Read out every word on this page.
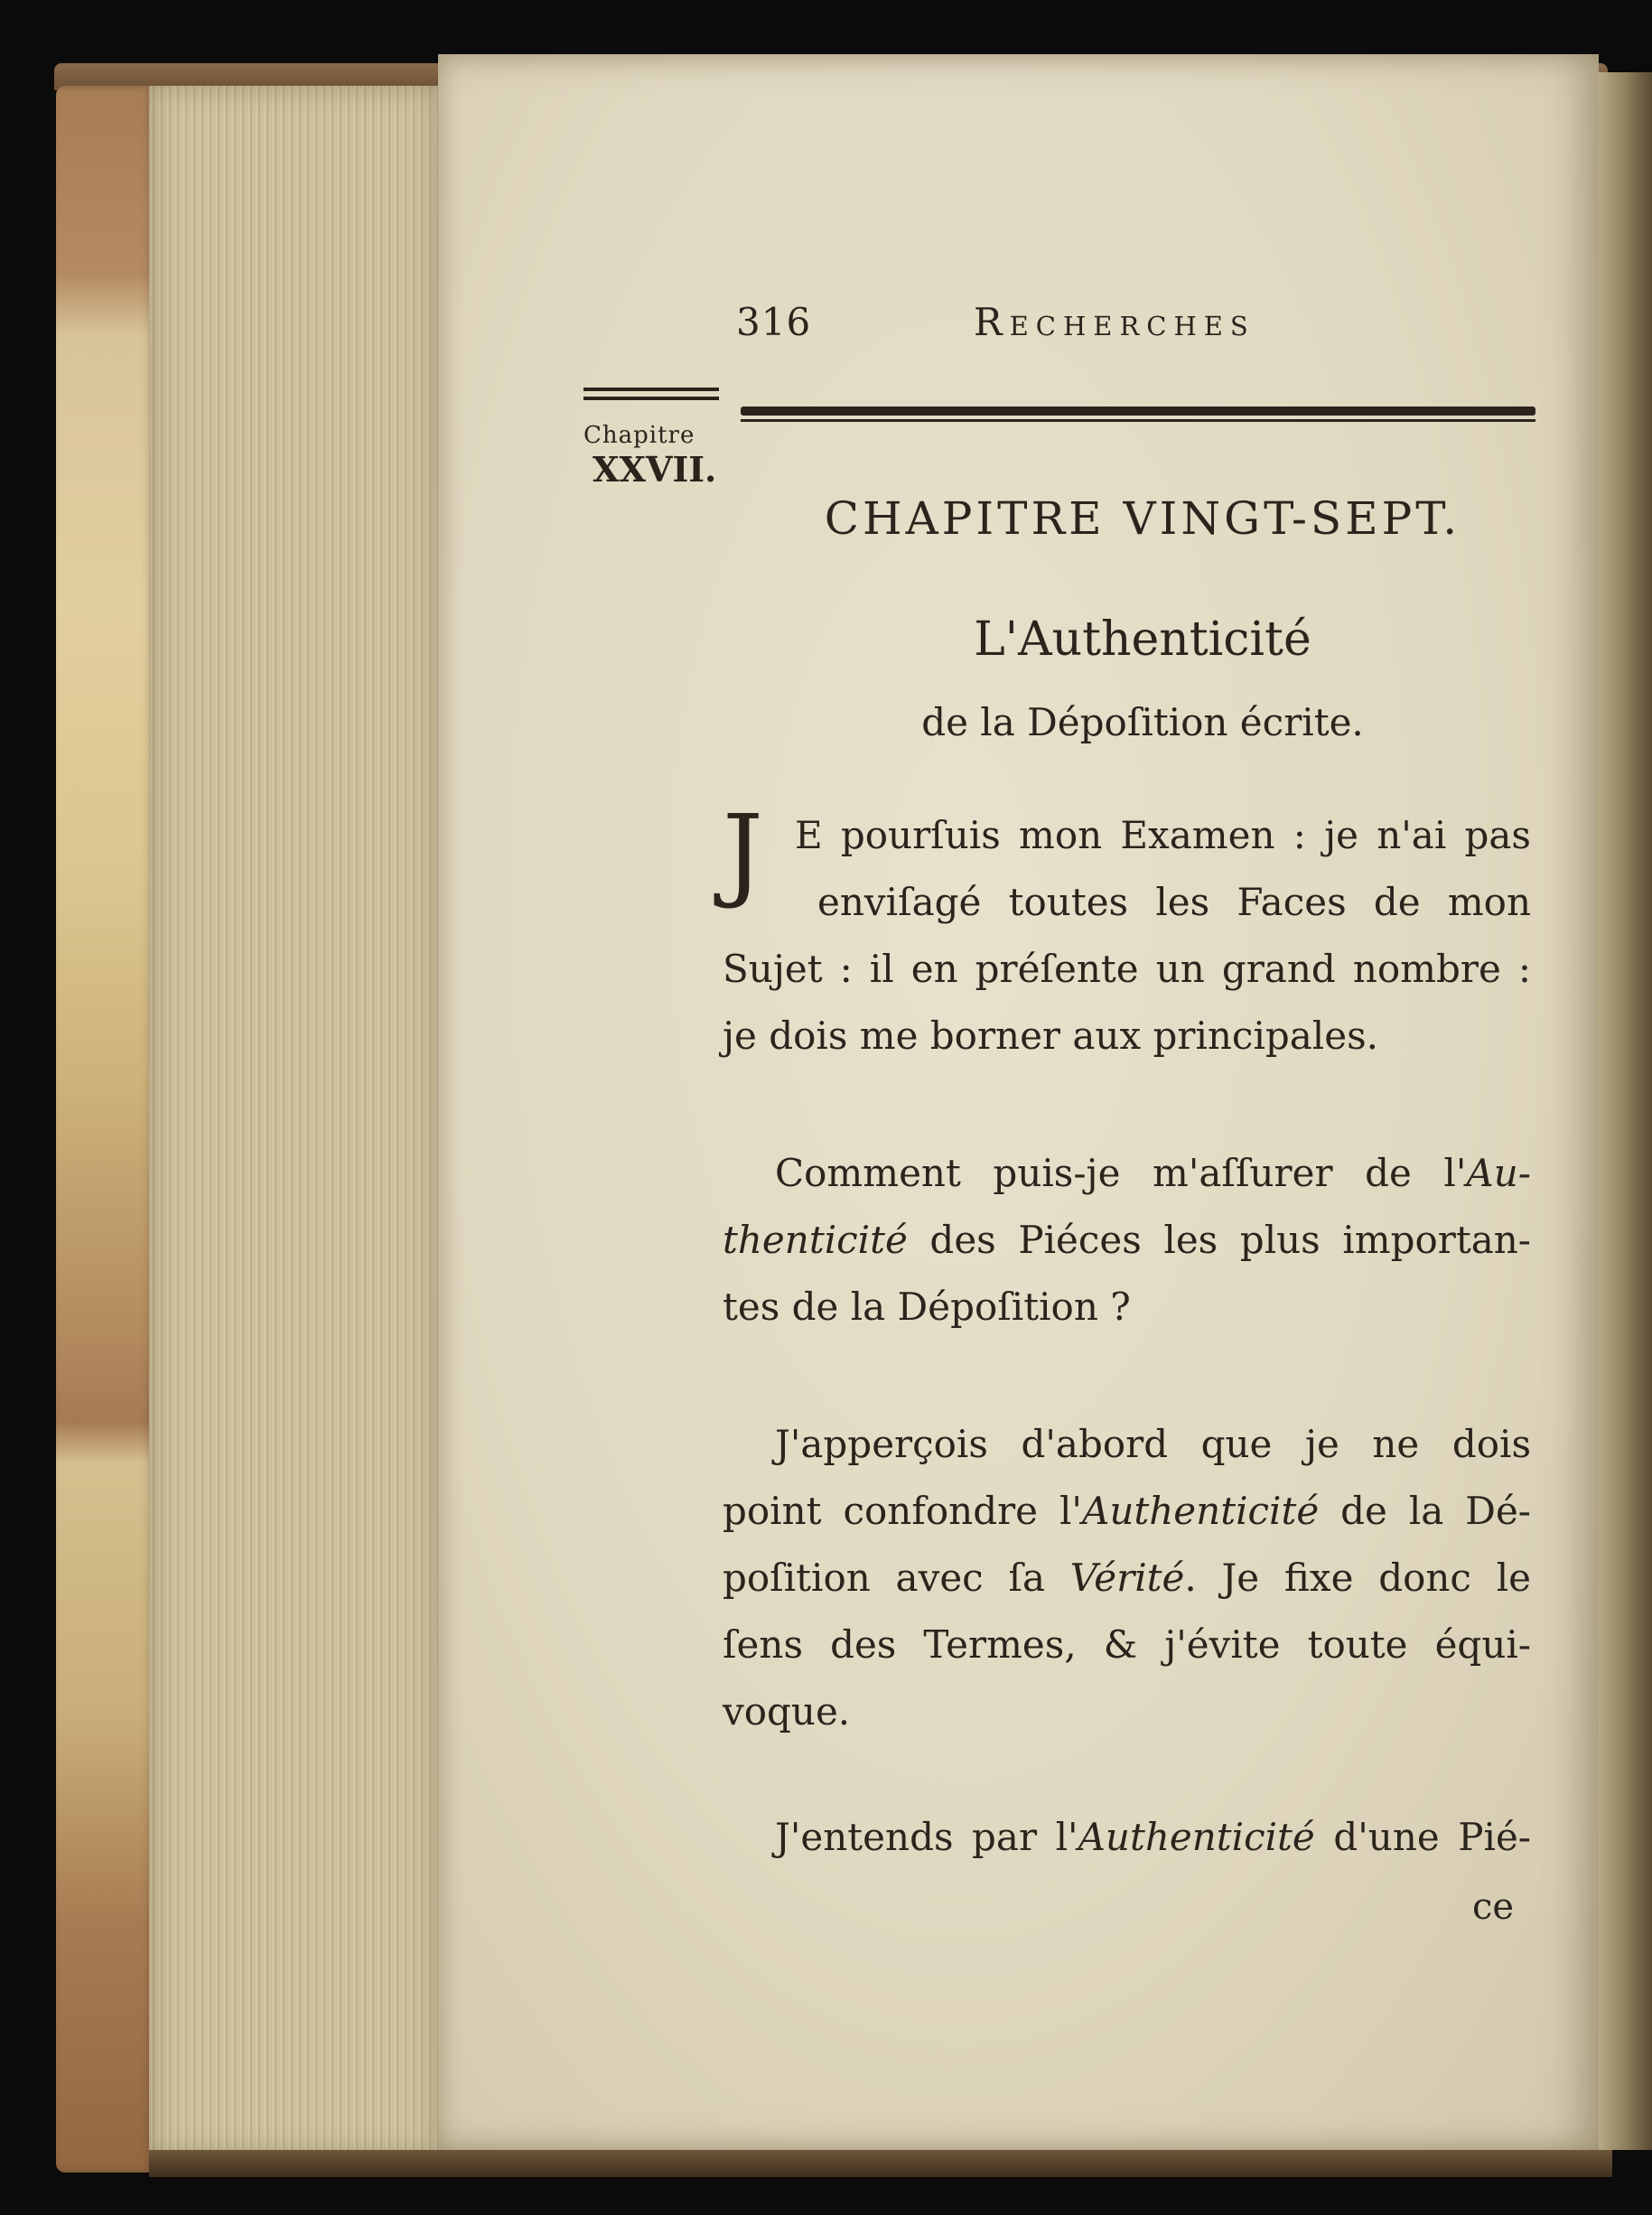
316	Recherches
Chapitre
XXVII.
CHAPITRE VINGT-SEPT.
L'Authenticité
de la Dépoſition écrite.
J E pourſuis mon Examen : je n'ai pas
enviſagé toutes les Faces de mon
Sujet : il en préſente un grand nombre :
je dois me borner aux principales.
Comment puis-je m'aſſurer de l'Au-
thenticité des Piéces les plus importan-
tes de la Dépoſition ?
J'apperçois d'abord que je ne dois
point confondre l'Authenticité de la Dé-
poſition avec ſa Vérité. Je fixe donc le
ſens des Termes, & j'évite toute équi-
voque.
J'entends par l'Authenticité d'une Pié-
ce
